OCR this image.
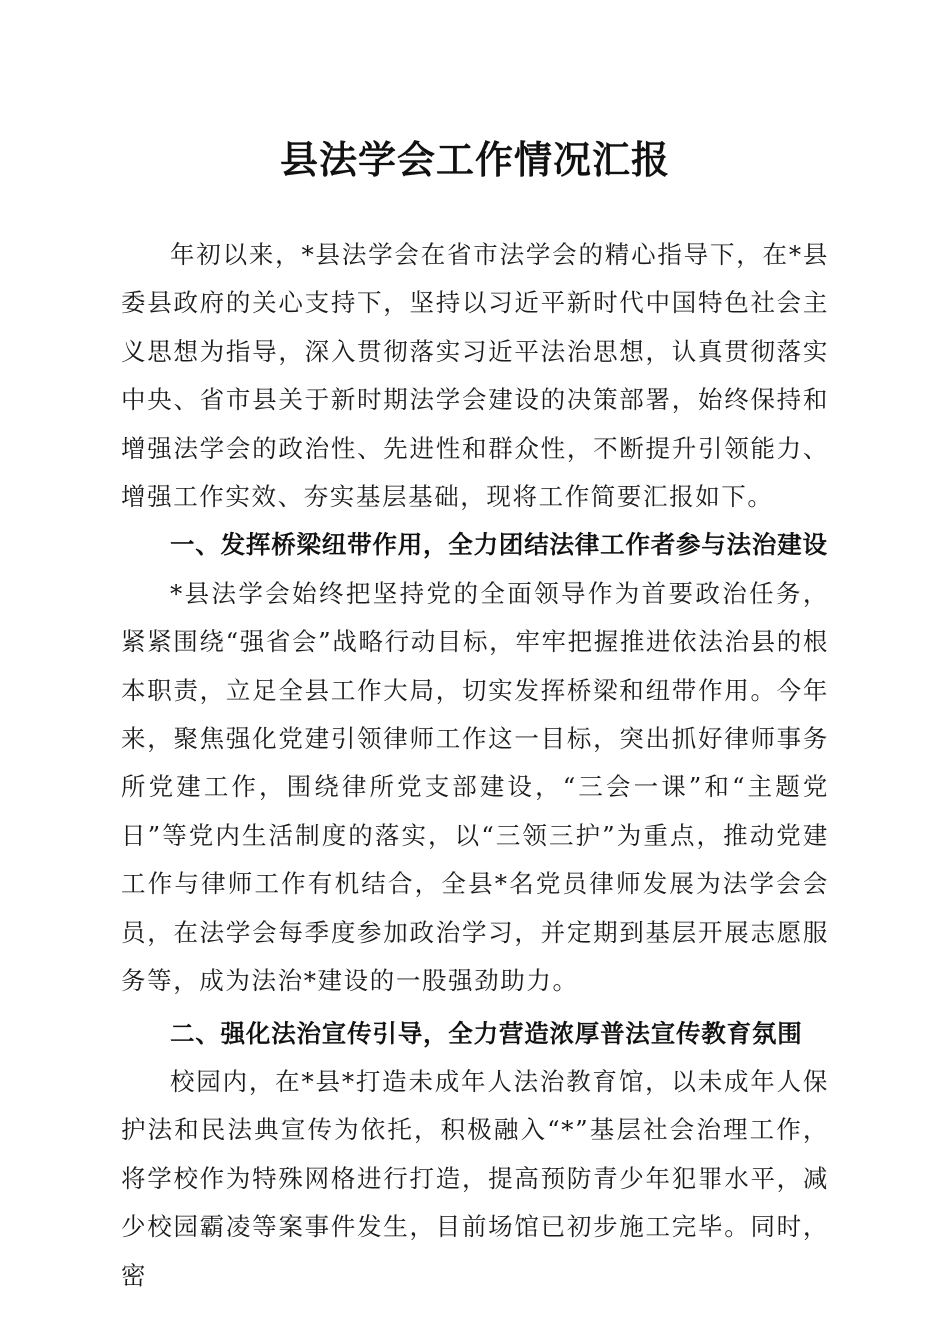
县法学会工作情况汇报

年初以来，*县法学会在省市法学会的精心指导下，在*县委县政府的关心支持下，坚持以习近平新时代中国特色社会主义思想为指导，深入贯彻落实习近平法治思想，认真贯彻落实中央、省市县关于新时期法学会建设的决策部署，始终保持和增强法学会的政治性、先进性和群众性，不断提升引领能力、增强工作实效、夯实基层基础，现将工作简要汇报如下。

一、发挥桥梁纽带作用，全力团结法律工作者参与法治建设

*县法学会始终把坚持党的全面领导作为首要政治任务，紧紧围绕“强省会”战略行动目标，牢牢把握推进依法治县的根本职责，立足全县工作大局，切实发挥桥梁和纽带作用。今年来，聚焦强化党建引领律师工作这一目标，突出抓好律师事务所党建工作，围绕律所党支部建设，“三会一课”和“主题党日”等党内生活制度的落实，以“三领三护”为重点，推动党建工作与律师工作有机结合，全县*名党员律师发展为法学会会员，在法学会每季度参加政治学习，并定期到基层开展志愿服务等，成为法治*建设的一股强劲助力。

二、强化法治宣传引导，全力营造浓厚普法宣传教育氛围

校园内，在*县*打造未成年人法治教育馆，以未成年人保护法和民法典宣传为依托，积极融入“*”基层社会治理工作，将学校作为特殊网格进行打造，提高预防青少年犯罪水平，减少校园霸凌等案事件发生，目前场馆已初步施工完毕。同时，密
